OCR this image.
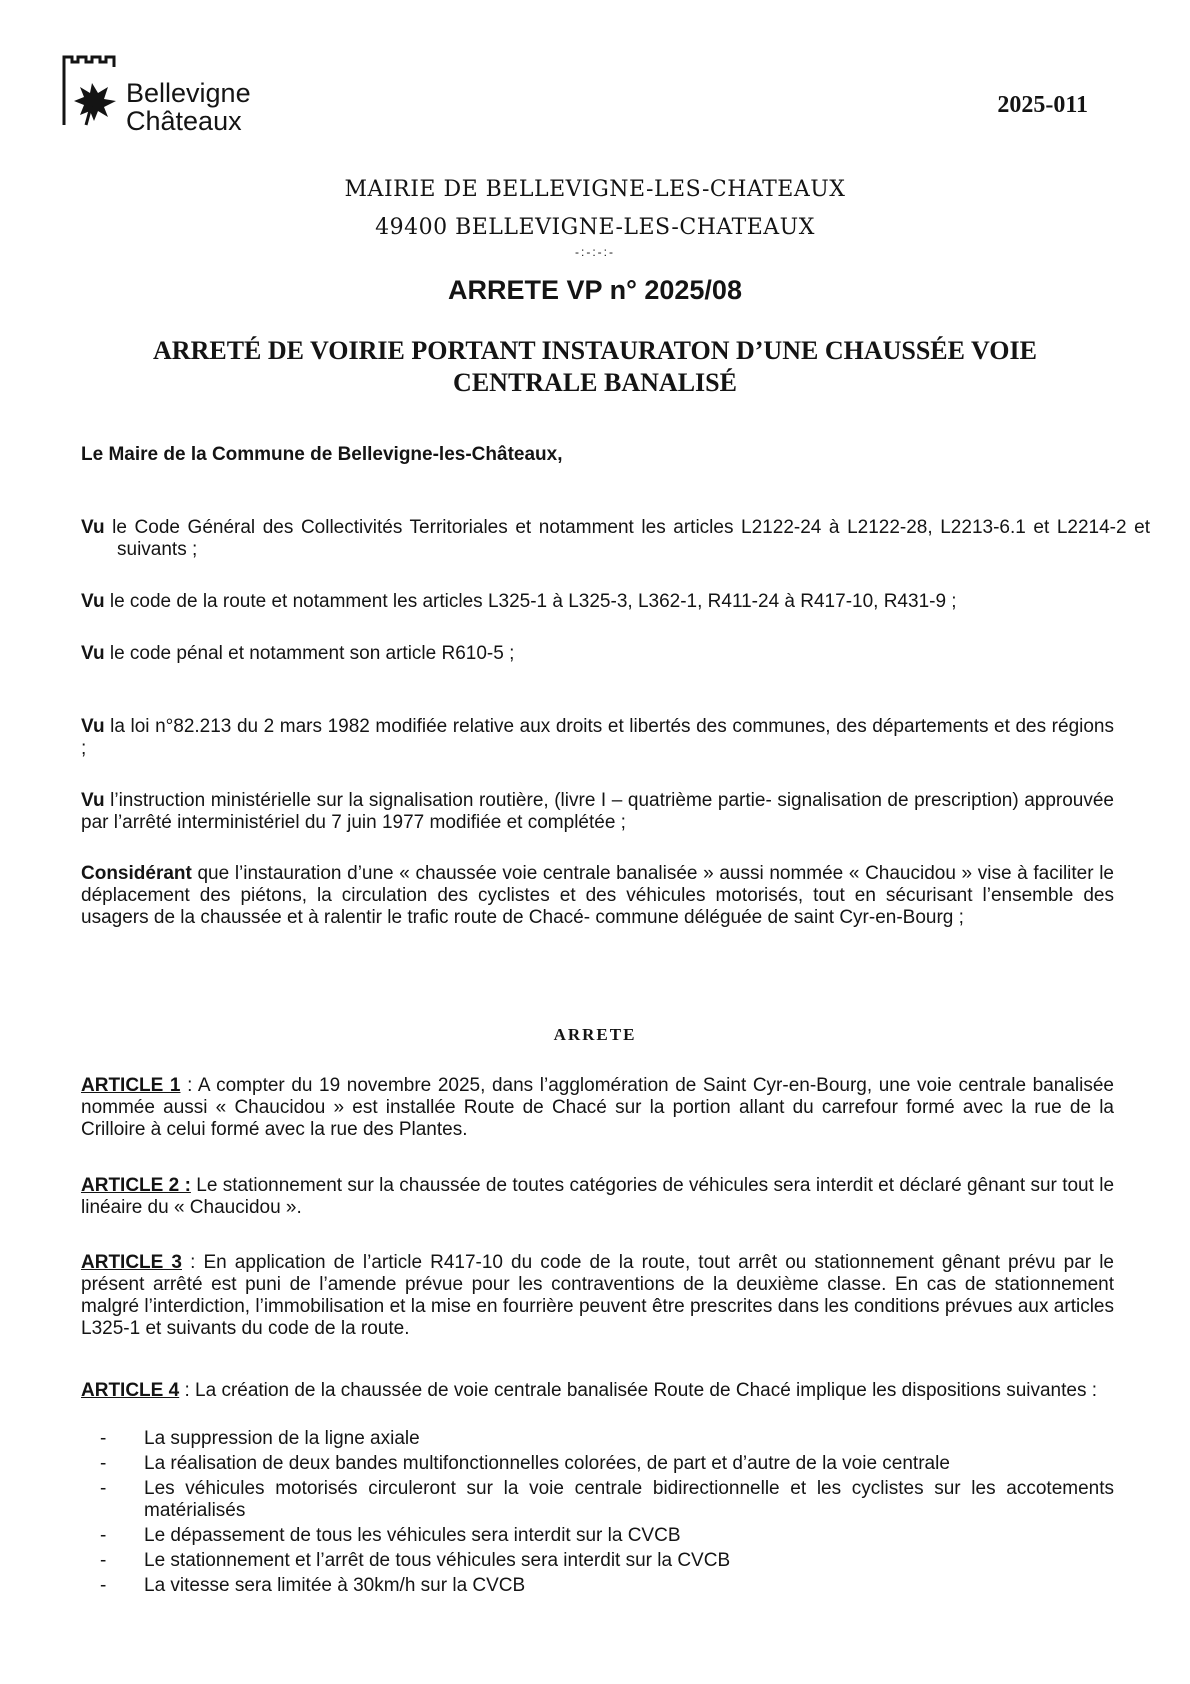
Bellevigne
Châteaux
2025-011
MAIRIE DE BELLEVIGNE-LES-CHATEAUX
49400 BELLEVIGNE-LES-CHATEAUX
-:-:-:-
ARRETE VP n° 2025/08
ARRETÉ DE VOIRIE PORTANT INSTAURATON D’UNE CHAUSSÉE VOIE
CENTRALE BANALISÉ
Le Maire de la Commune de Bellevigne-les-Châteaux,
Vu le Code Général des Collectivités Territoriales et notamment les articles L2122-24 à L2122-28, L2213-6.1 et L2214-2 et suivants ;
Vu le code de la route et notamment les articles L325-1 à L325-3, L362-1, R411-24 à R417-10, R431-9 ;
Vu le code pénal et notamment son article R610-5 ;
Vu la loi n°82.213 du 2 mars 1982 modifiée relative aux droits et libertés des communes, des départements et des régions ;
Vu l’instruction ministérielle sur la signalisation routière, (livre I – quatrième partie- signalisation de prescription) approuvée par l’arrêté interministériel du 7 juin 1977 modifiée et complétée ;
Considérant que l’instauration d’une « chaussée voie centrale banalisée » aussi nommée « Chaucidou » vise à faciliter le déplacement des piétons, la circulation des cyclistes et des véhicules motorisés, tout en sécurisant l’ensemble des usagers de la chaussée et à ralentir le trafic route de Chacé- commune déléguée de saint Cyr-en-Bourg ;
ARRETE
ARTICLE 1 : A compter du 19 novembre 2025, dans l’agglomération de Saint Cyr-en-Bourg, une voie centrale banalisée nommée aussi « Chaucidou » est installée Route de Chacé sur la portion allant du carrefour formé avec la rue de la Crilloire à celui formé avec la rue des Plantes.
ARTICLE 2 : Le stationnement sur la chaussée de toutes catégories de véhicules sera interdit et déclaré gênant sur tout le linéaire du « Chaucidou ».
ARTICLE 3 : En application de l’article R417-10 du code de la route, tout arrêt ou stationnement gênant prévu par le présent arrêté est puni de l’amende prévue pour les contraventions de la deuxième classe. En cas de stationnement malgré l’interdiction, l’immobilisation et la mise en fourrière peuvent être prescrites dans les conditions prévues aux articles L325-1 et suivants du code de la route.
ARTICLE 4 : La création de la chaussée de voie centrale banalisée Route de Chacé implique les dispositions suivantes :
- La suppression de la ligne axiale
- La réalisation de deux bandes multifonctionnelles colorées, de part et d’autre de la voie centrale
- Les véhicules motorisés circuleront sur la voie centrale bidirectionnelle et les cyclistes sur les accotements matérialisés
- Le dépassement de tous les véhicules sera interdit sur la CVCB
- Le stationnement et l’arrêt de tous véhicules sera interdit sur la CVCB
- La vitesse sera limitée à 30km/h sur la CVCB
